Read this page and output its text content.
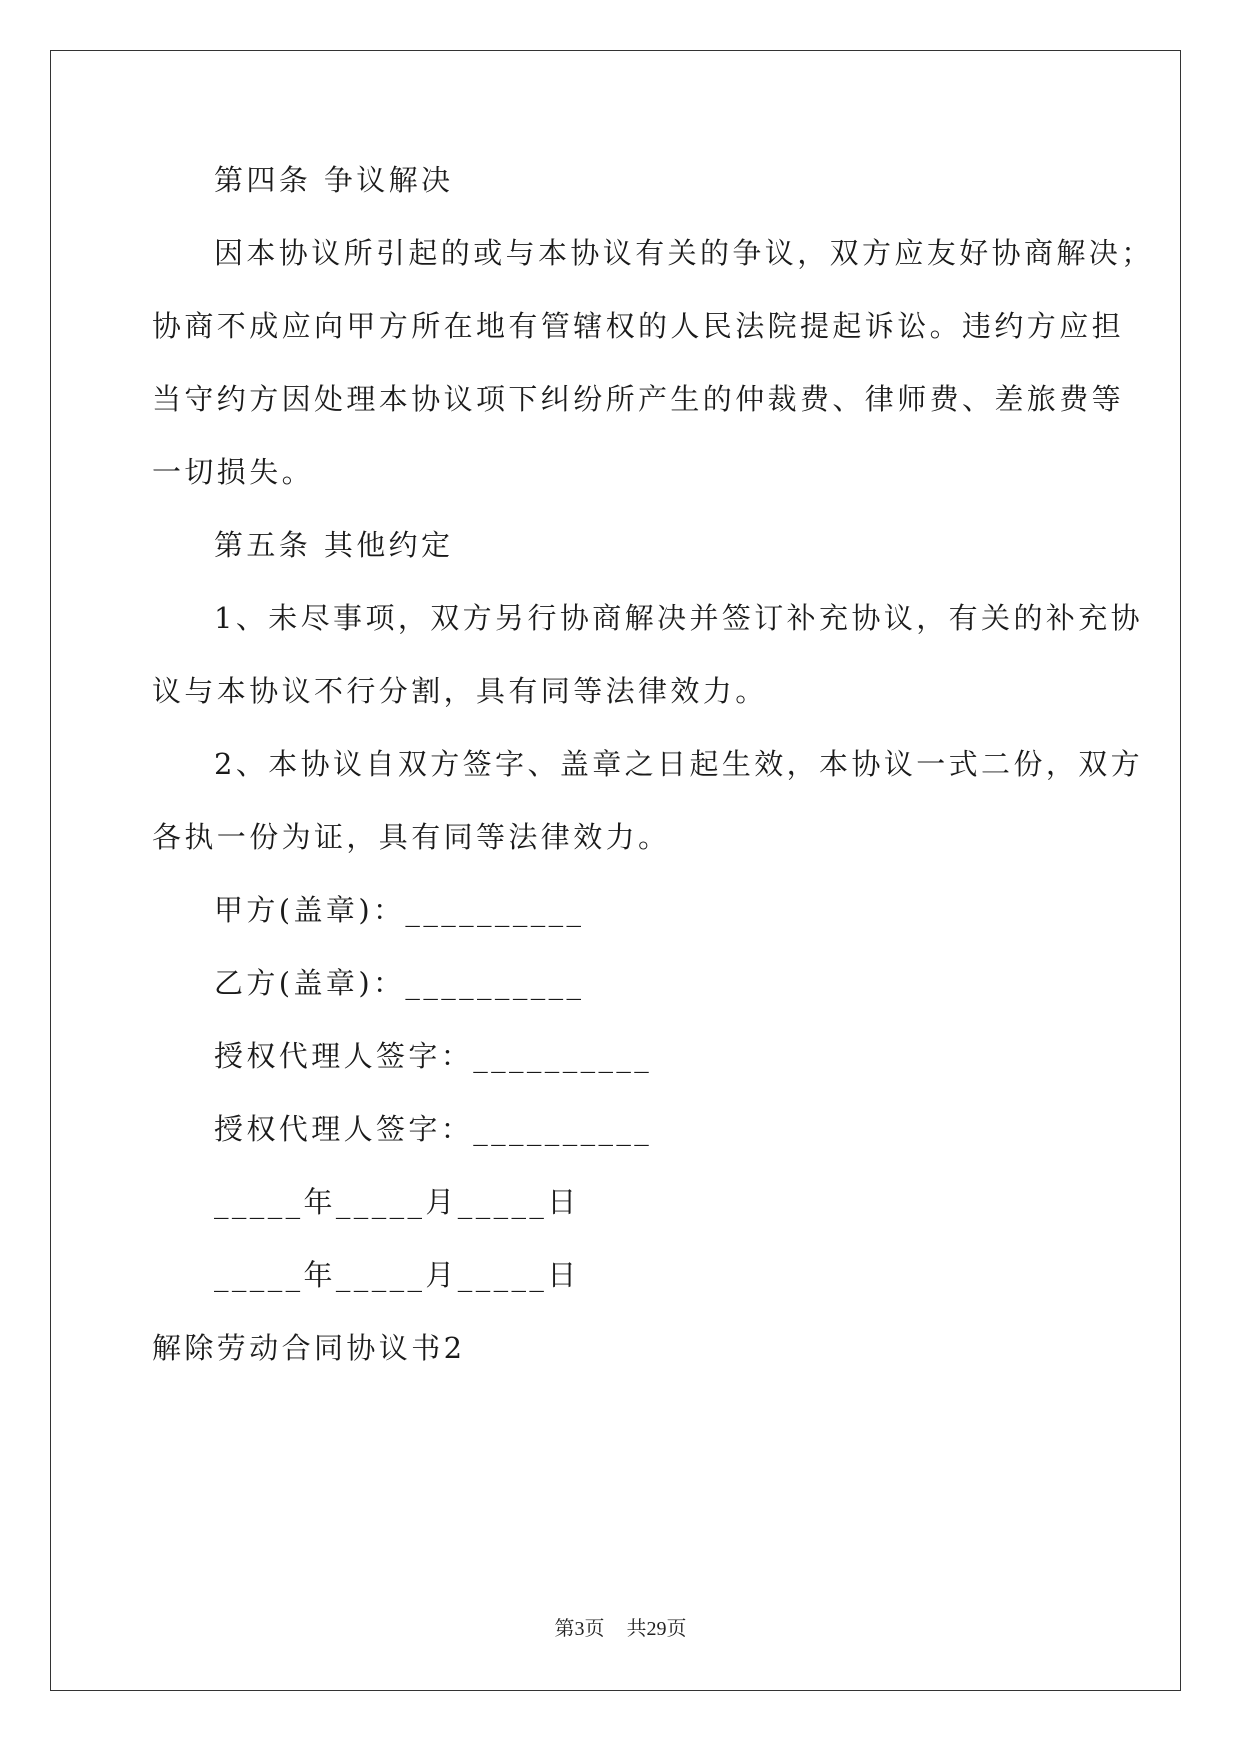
第四条 争议解决
因本协议所引起的或与本协议有关的争议，双方应友好协商解决；
协商不成应向甲方所在地有管辖权的人民法院提起诉讼。违约方应担
当守约方因处理本协议项下纠纷所产生的仲裁费、律师费、差旅费等
一切损失。
第五条 其他约定
1、未尽事项，双方另行协商解决并签订补充协议，有关的补充协
议与本协议不行分割，具有同等法律效力。
2、本协议自双方签字、盖章之日起生效，本协议一式二份，双方
各执一份为证，具有同等法律效力。
甲方(盖章)：__________
乙方(盖章)：__________
授权代理人签字：__________
授权代理人签字：__________
_____年_____月_____日
_____年_____月_____日
解除劳动合同协议书2
第3页 共29页
